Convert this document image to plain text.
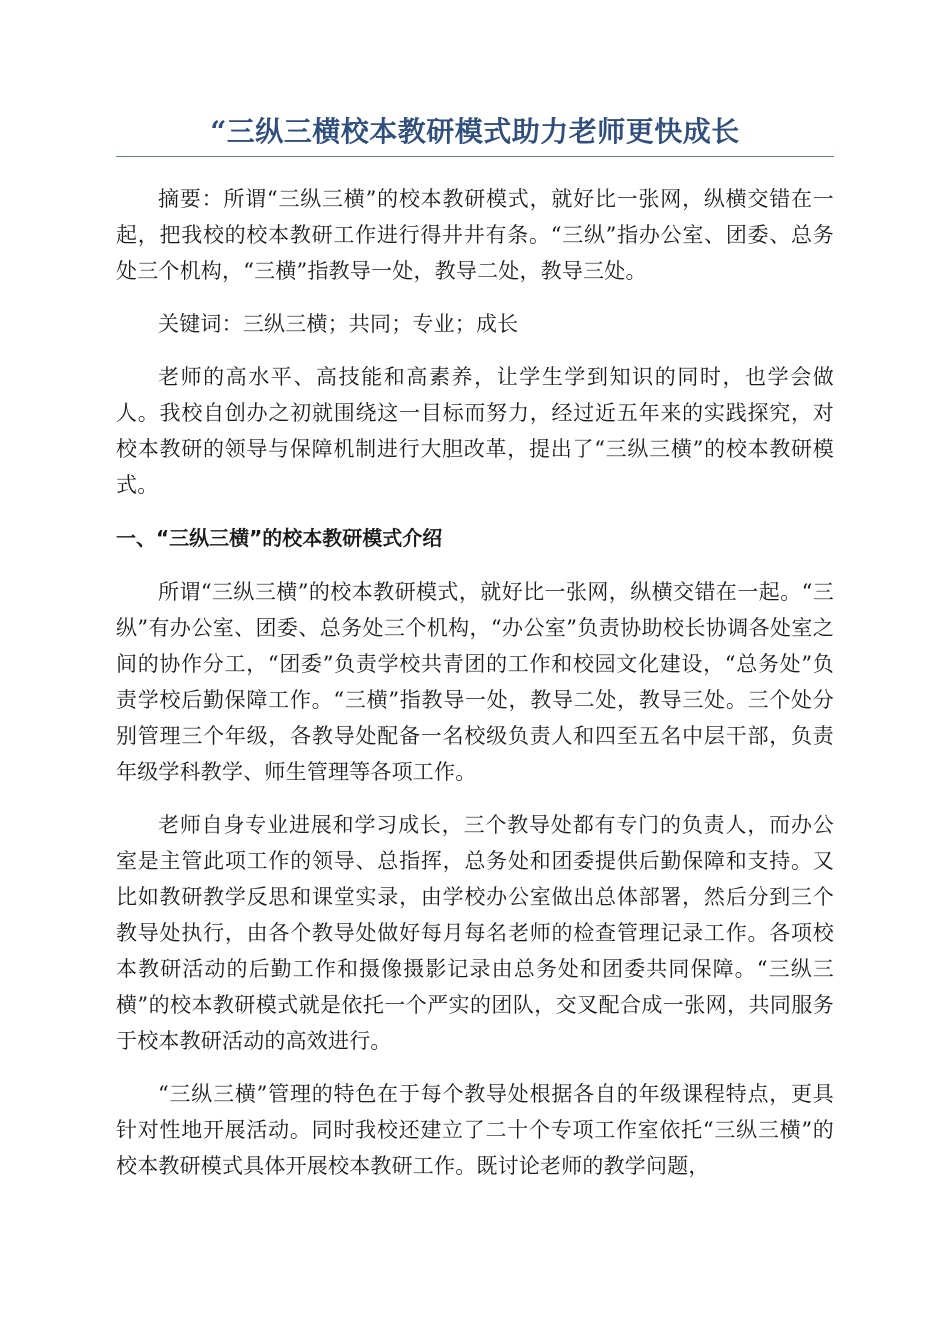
“三纵三横校本教研模式助力老师更快成长

摘要：所谓“三纵三横”的校本教研模式，就好比一张网，纵横交错在一起，把我校的校本教研工作进行得井井有条。“三纵”指办公室、团委、总务处三个机构，“三横”指教导一处，教导二处，教导三处。

关键词：三纵三横；共同；专业；成长

老师的高水平、高技能和高素养，让学生学到知识的同时，也学会做人。我校自创办之初就围绕这一目标而努力，经过近五年来的实践探究，对校本教研的领导与保障机制进行大胆改革，提出了“三纵三横”的校本教研模式。

一、“三纵三横”的校本教研模式介绍

所谓“三纵三横”的校本教研模式，就好比一张网，纵横交错在一起。“三纵”有办公室、团委、总务处三个机构，“办公室”负责协助校长协调各处室之间的协作分工，“团委”负责学校共青团的工作和校园文化建设，“总务处”负责学校后勤保障工作。“三横”指教导一处，教导二处，教导三处。三个处分别管理三个年级，各教导处配备一名校级负责人和四至五名中层干部，负责年级学科教学、师生管理等各项工作。

老师自身专业进展和学习成长，三个教导处都有专门的负责人，而办公室是主管此项工作的领导、总指挥，总务处和团委提供后勤保障和支持。又比如教研教学反思和课堂实录，由学校办公室做出总体部署，然后分到三个教导处执行，由各个教导处做好每月每名老师的检查管理记录工作。各项校本教研活动的后勤工作和摄像摄影记录由总务处和团委共同保障。“三纵三横”的校本教研模式就是依托一个严实的团队，交叉配合成一张网，共同服务于校本教研活动的高效进行。

“三纵三横”管理的特色在于每个教导处根据各自的年级课程特点，更具针对性地开展活动。同时我校还建立了二十个专项工作室依托“三纵三横”的校本教研模式具体开展校本教研工作。既讨论老师的教学问题，
